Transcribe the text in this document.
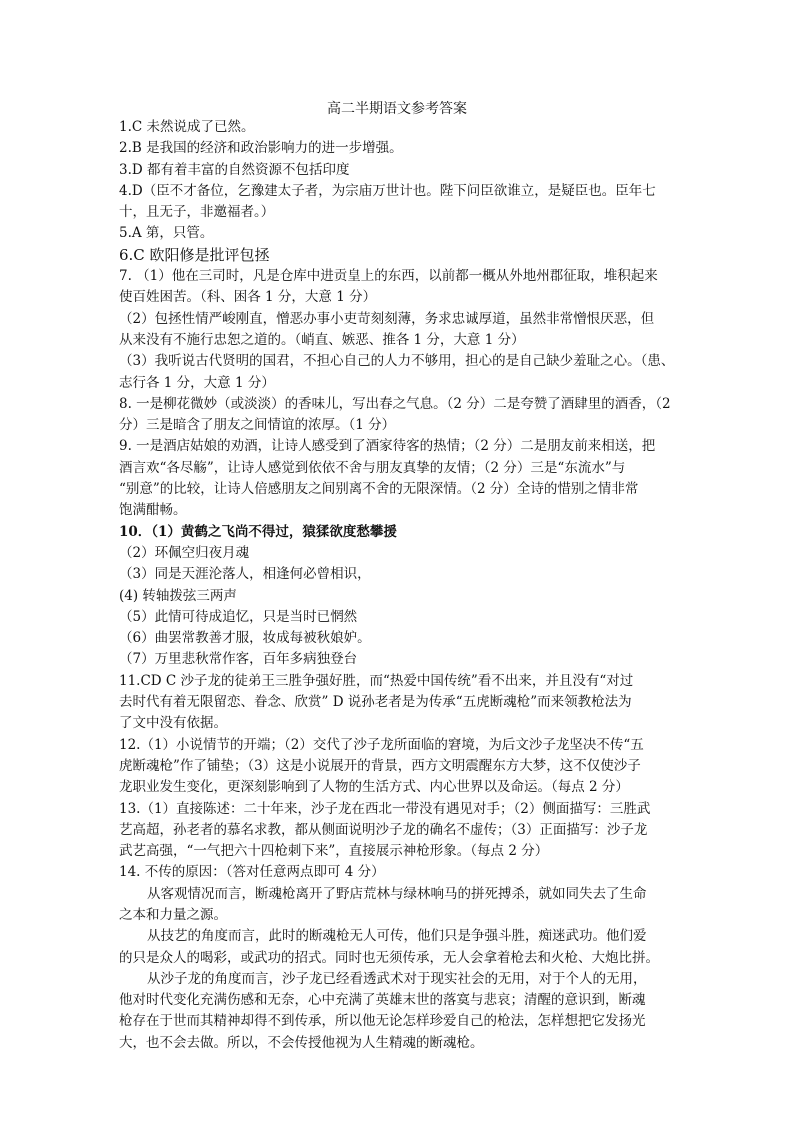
高二半期语文参考答案
1.C 未然说成了已然。
2.B 是我国的经济和政治影响力的进一步增强。
3.D 都有着丰富的自然资源不包括印度
4.D（臣不才备位，乞豫建太子者，为宗庙万世计也。陛下问臣欲谁立，是疑臣也。臣年七
十，且无子，非邀福者。）
5.A 第，只管。
6.C 欧阳修是批评包拯
7. （1）他在三司时，凡是仓库中进贡皇上的东西，以前都一概从外地州郡征取，堆积起来
使百姓困苦。（科、困各 1 分，大意 1 分）
（2）包拯性情严峻刚直，憎恶办事小吏苛刻刻薄，务求忠诚厚道，虽然非常憎恨厌恶，但
从来没有不施行忠恕之道的。（峭直、嫉恶、推各 1 分，大意 1 分）
（3）我听说古代贤明的国君，不担心自己的人力不够用，担心的是自己缺少羞耻之心。（患、
志行各 1 分，大意 1 分）
8. 一是柳花微妙（或淡淡）的香味儿，写出春之气息。（2 分）二是夸赞了酒肆里的酒香，（2
分）三是暗含了朋友之间情谊的浓厚。（1 分）
9. 一是酒店姑娘的劝酒，让诗人感受到了酒家待客的热情；（2 分）二是朋友前来相送，把
酒言欢“各尽觞”，让诗人感觉到依依不舍与朋友真挚的友情；（2 分）三是“东流水”与
“别意”的比较，让诗人倍感朋友之间别离不舍的无限深情。（2 分）全诗的惜别之情非常
饱满酣畅。
10．（1）黄鹤之飞尚不得过，猿猱欲度愁攀援
（2）环佩空归夜月魂
（3）同是天涯沦落人，相逢何必曾相识，
(4) 转轴拨弦三两声
（5）此情可待成追忆，只是当时已惘然
（6）曲罢常教善才服，妆成每被秋娘妒。
（7）万里悲秋常作客，百年多病独登台
11.CD C 沙子龙的徒弟王三胜争强好胜，而“热爱中国传统”看不出来，并且没有“对过
去时代有着无限留恋、眷念、欣赏” D 说孙老者是为传承“五虎断魂枪”而来领教枪法为
了文中没有依据。
12.（1）小说情节的开端；（2）交代了沙子龙所面临的窘境，为后文沙子龙坚决不传“五
虎断魂枪”作了铺垫；（3）这是小说展开的背景，西方文明震醒东方大梦，这不仅使沙子
龙职业发生变化，更深刻影响到了人物的生活方式、内心世界以及命运。（每点 2 分）
13.（1）直接陈述：二十年来，沙子龙在西北一带没有遇见对手；（2）侧面描写：三胜武
艺高超，孙老者的慕名求教，都从侧面说明沙子龙的确名不虚传；（3）正面描写：沙子龙
武艺高强，“一气把六十四枪刺下来”，直接展示神枪形象。（每点 2 分）
14. 不传的原因：（答对任意两点即可 4 分）
从客观情况而言，断魂枪离开了野店荒林与绿林响马的拼死搏杀，就如同失去了生命
之本和力量之源。
从技艺的角度而言，此时的断魂枪无人可传，他们只是争强斗胜，痴迷武功。他们爱
的只是众人的喝彩，或武功的招式。同时也无须传承，无人会拿着枪去和火枪、大炮比拼。
从沙子龙的角度而言，沙子龙已经看透武术对于现实社会的无用，对于个人的无用，
他对时代变化充满伤感和无奈，心中充满了英雄末世的落寞与悲哀；清醒的意识到，断魂
枪存在于世而其精神却得不到传承，所以他无论怎样珍爱自己的枪法，怎样想把它发扬光
大，也不会去做。所以，不会传授他视为人生精魂的断魂枪。
